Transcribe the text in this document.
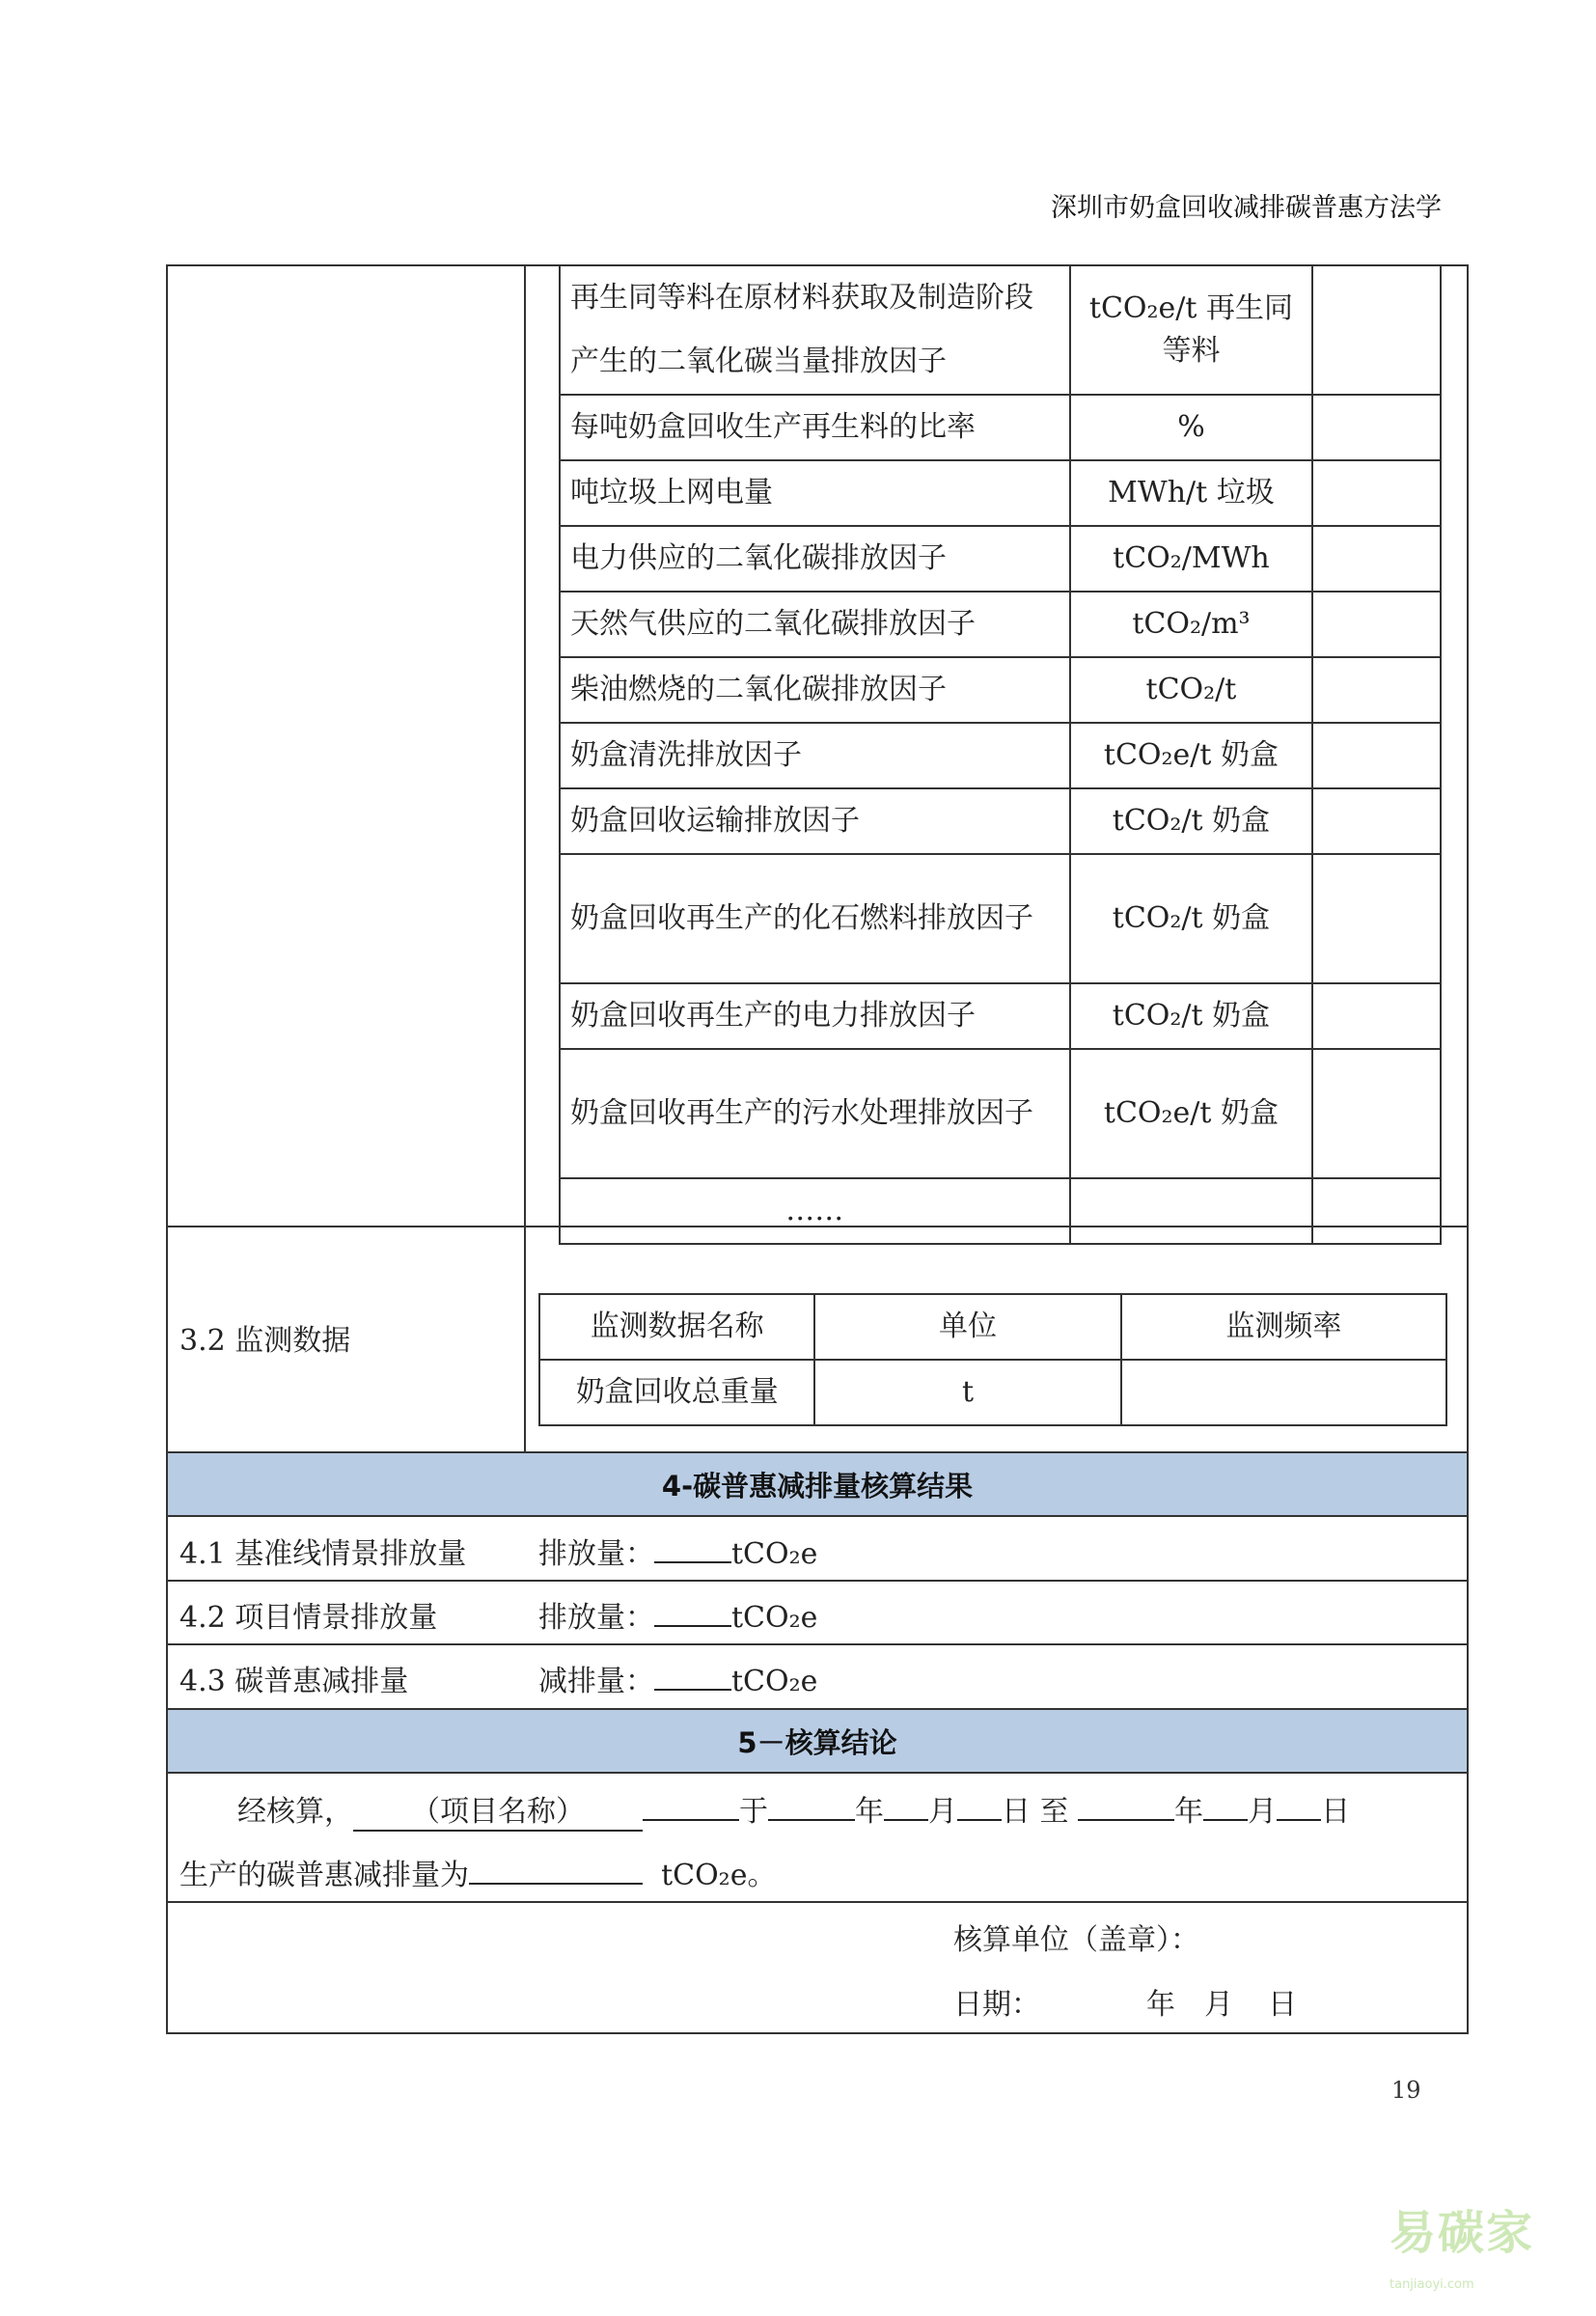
深圳市奶盒回收减排碳普惠方法学
再生同等料在原材料获取及制造阶段产生的二氧化碳当量排放因子	tCO₂e/t 再生同等料	
每吨奶盒回收生产再生料的比率	%	
吨垃圾上网电量	MWh/t 垃圾	
电力供应的二氧化碳排放因子	tCO₂/MWh	
天然气供应的二氧化碳排放因子	tCO₂/m³	
柴油燃烧的二氧化碳排放因子	tCO₂/t	
奶盒清洗排放因子	tCO₂e/t 奶盒	
奶盒回收运输排放因子	tCO₂/t 奶盒	
奶盒回收再生产的化石燃料排放因子	tCO₂/t 奶盒	
奶盒回收再生产的电力排放因子	tCO₂/t 奶盒	
奶盒回收再生产的污水处理排放因子	tCO₂e/t 奶盒	
……		
3.2 监测数据	监测数据名称	单位	监测频率
奶盒回收总重量	t	
4-碳普惠减排量核算结果
4.1 基准线情景排放量 排放量：	tCO₂e
4.2 项目情景排放量	排放量：	tCO₂e
4.3 碳普惠减排量	减排量：	tCO₂e
5－核算结论
经核算， （项目名称）	于	年 月 日 至	年 月 日
生产的碳普惠减排量为	tCO₂e。
核算单位（盖章）：
日期：	年 月 日
19
易碳家$^{tanjiaoyi.com}$
